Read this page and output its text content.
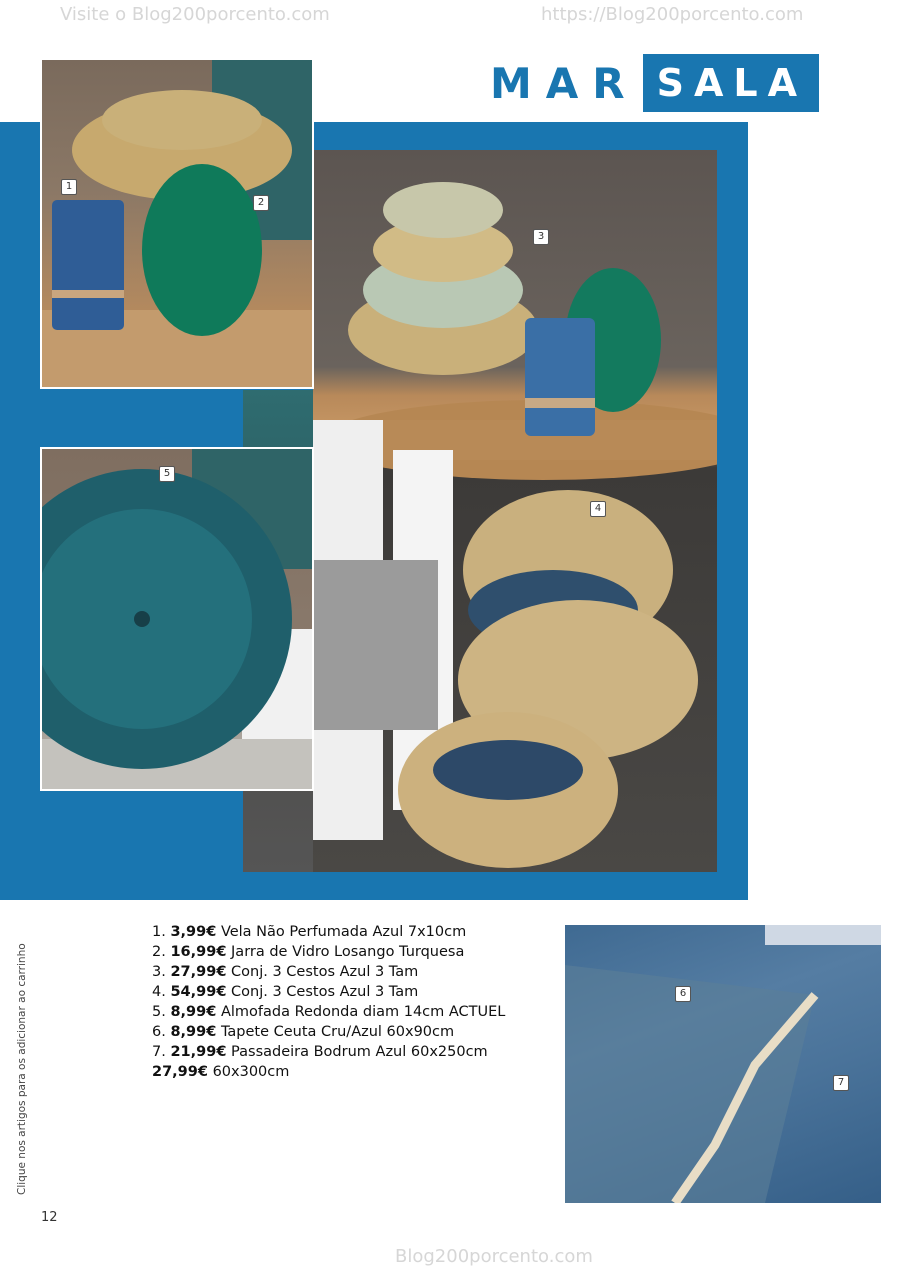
Visite o Blog200porcento.com	https://Blog200porcento.com
MAR SALA
1
2
3
4
5
6
7
1. 3,99€ Vela Não Perfumada Azul 7x10cm
2. 16,99€ Jarra de Vidro Losango Turquesa
3. 27,99€ Conj. 3 Cestos Azul 3 Tam
4. 54,99€ Conj. 3 Cestos Azul 3 Tam
5. 8,99€ Almofada Redonda diam 14cm ACTUEL
6. 8,99€ Tapete Ceuta Cru/Azul 60x90cm
7. 21,99€ Passadeira Bodrum Azul 60x250cm
27,99€ 60x300cm
Clique nos artigos para os adicionar ao carrinho
12
Blog200porcento.com
